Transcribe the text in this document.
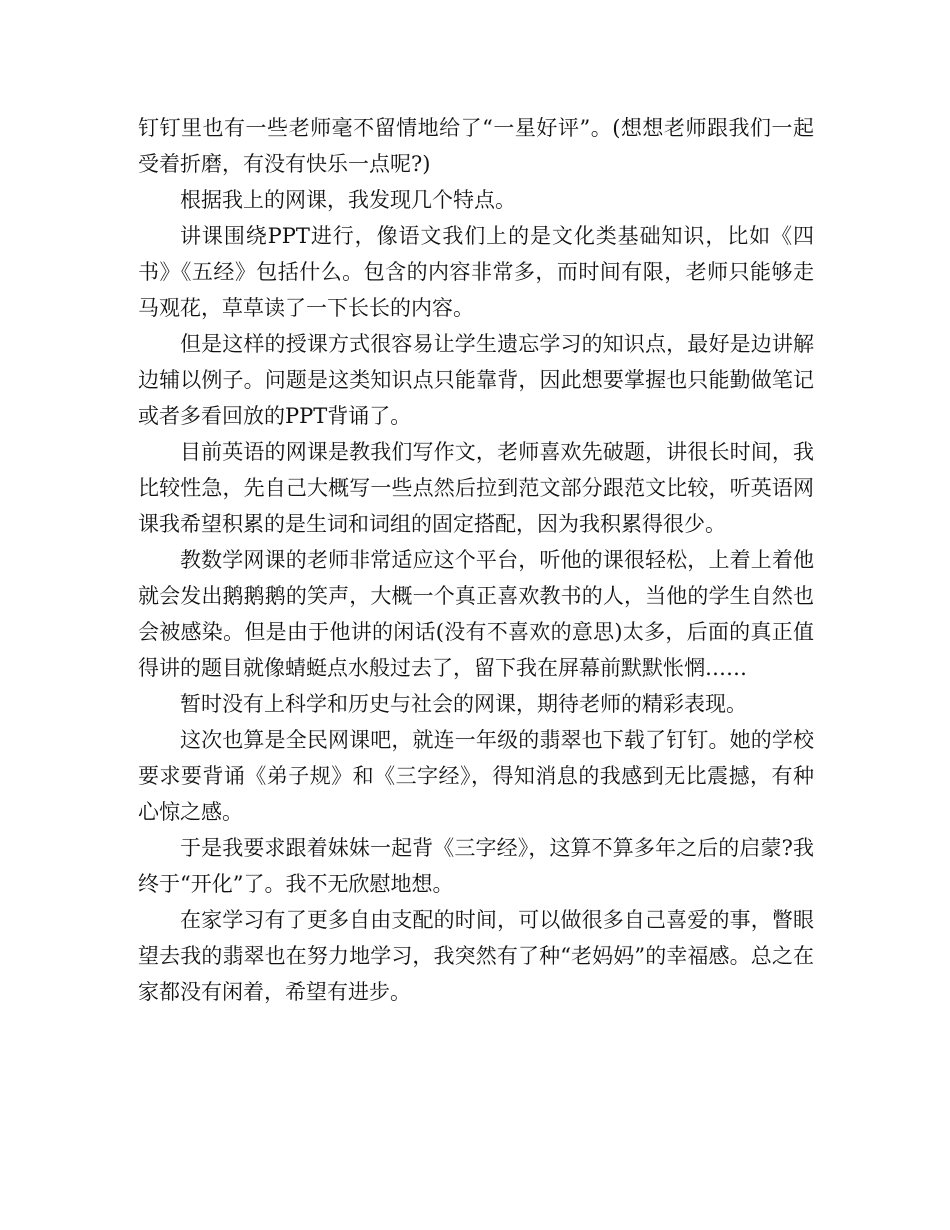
钉钉里也有一些老师毫不留情地给了“一星好评”。(想想老师跟我们一起受着折磨，有没有快乐一点呢?)

根据我上的网课，我发现几个特点。

讲课围绕PPT进行，像语文我们上的是文化类基础知识，比如《四书》《五经》包括什么。包含的内容非常多，而时间有限，老师只能够走马观花，草草读了一下长长的内容。

但是这样的授课方式很容易让学生遗忘学习的知识点，最好是边讲解边辅以例子。问题是这类知识点只能靠背，因此想要掌握也只能勤做笔记或者多看回放的PPT背诵了。

目前英语的网课是教我们写作文，老师喜欢先破题，讲很长时间，我比较性急，先自己大概写一些点然后拉到范文部分跟范文比较，听英语网课我希望积累的是生词和词组的固定搭配，因为我积累得很少。

教数学网课的老师非常适应这个平台，听他的课很轻松，上着上着他就会发出鹅鹅鹅的笑声，大概一个真正喜欢教书的人，当他的学生自然也会被感染。但是由于他讲的闲话(没有不喜欢的意思)太多，后面的真正值得讲的题目就像蜻蜓点水般过去了，留下我在屏幕前默默怅惘……

暂时没有上科学和历史与社会的网课，期待老师的精彩表现。

这次也算是全民网课吧，就连一年级的翡翠也下载了钉钉。她的学校要求要背诵《弟子规》和《三字经》，得知消息的我感到无比震撼，有种心惊之感。

于是我要求跟着妹妹一起背《三字经》，这算不算多年之后的启蒙?我终于“开化”了。我不无欣慰地想。

在家学习有了更多自由支配的时间，可以做很多自己喜爱的事，瞥眼望去我的翡翠也在努力地学习，我突然有了种“老妈妈”的幸福感。总之在家都没有闲着，希望有进步。
